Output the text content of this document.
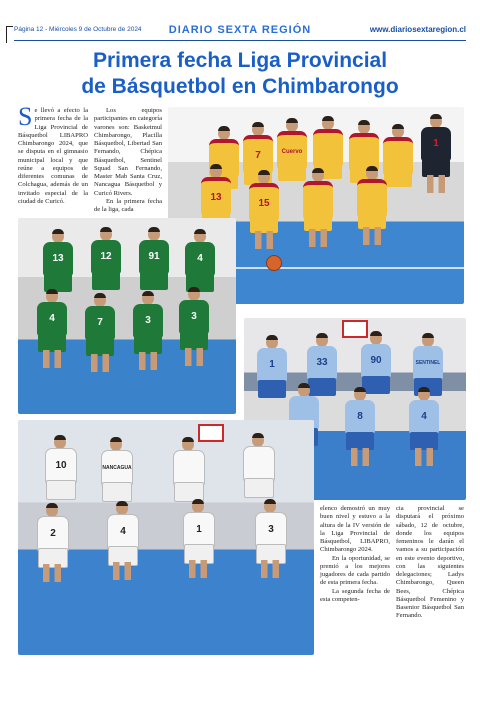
Página 12 - Miércoles 9 de Octubre de 2024	DIARIO SEXTA REGIÓN	www.diariosextaregion.cl
Primera fecha Liga Provincial
de Básquetbol en Chimbarongo
Se llevó a efecto la primera fecha de la Liga Provincial de Básquetbol LIBAPRO Chimbarongo 2024, que se disputa en el gimnasio municipal local y que reúne a equipos de diferentes comunas de Colchagua, además de un invitado especial de la ciudad de Curicó.

Los equipos participantes en categoría varones son: Basketmul Chimbarongo, Placilla Básquetbol, Libertad San Fernando, Chépica Básquetbol, Sentinel Squad San Fernando, Master Mab Santa Cruz, Nancagua Básquetbol y Curicó Rivers.

En la primera fecha de la liga, cada

elenco demostró un muy buen nivel y estuvo a la altura de la IV versión de la Liga Provincial de Básquetbol, LIBAPRO, Chimbarongo 2024.

En la oportunidad, se premió a los mejores jugadores de cada partido de esta primera fecha.

La segunda fecha de esta competen-

cia provincial se disputará el próximo sábado, 12 de octubre, donde los equipos femeninos le darán el vamos a su participación en este evento deportivo, con las siguientes delegaciones; Ladys Chimbarongo, Queen Bees, Chépica Básquetbol Femenino y Basenior Básquetbol San Fernando.

1
7	Cuervo
13
15
13	12	91	4
4	7	3	3
1	33	90	SENTINEL
8	4
10	NANCAGUA
2	4	1	3
